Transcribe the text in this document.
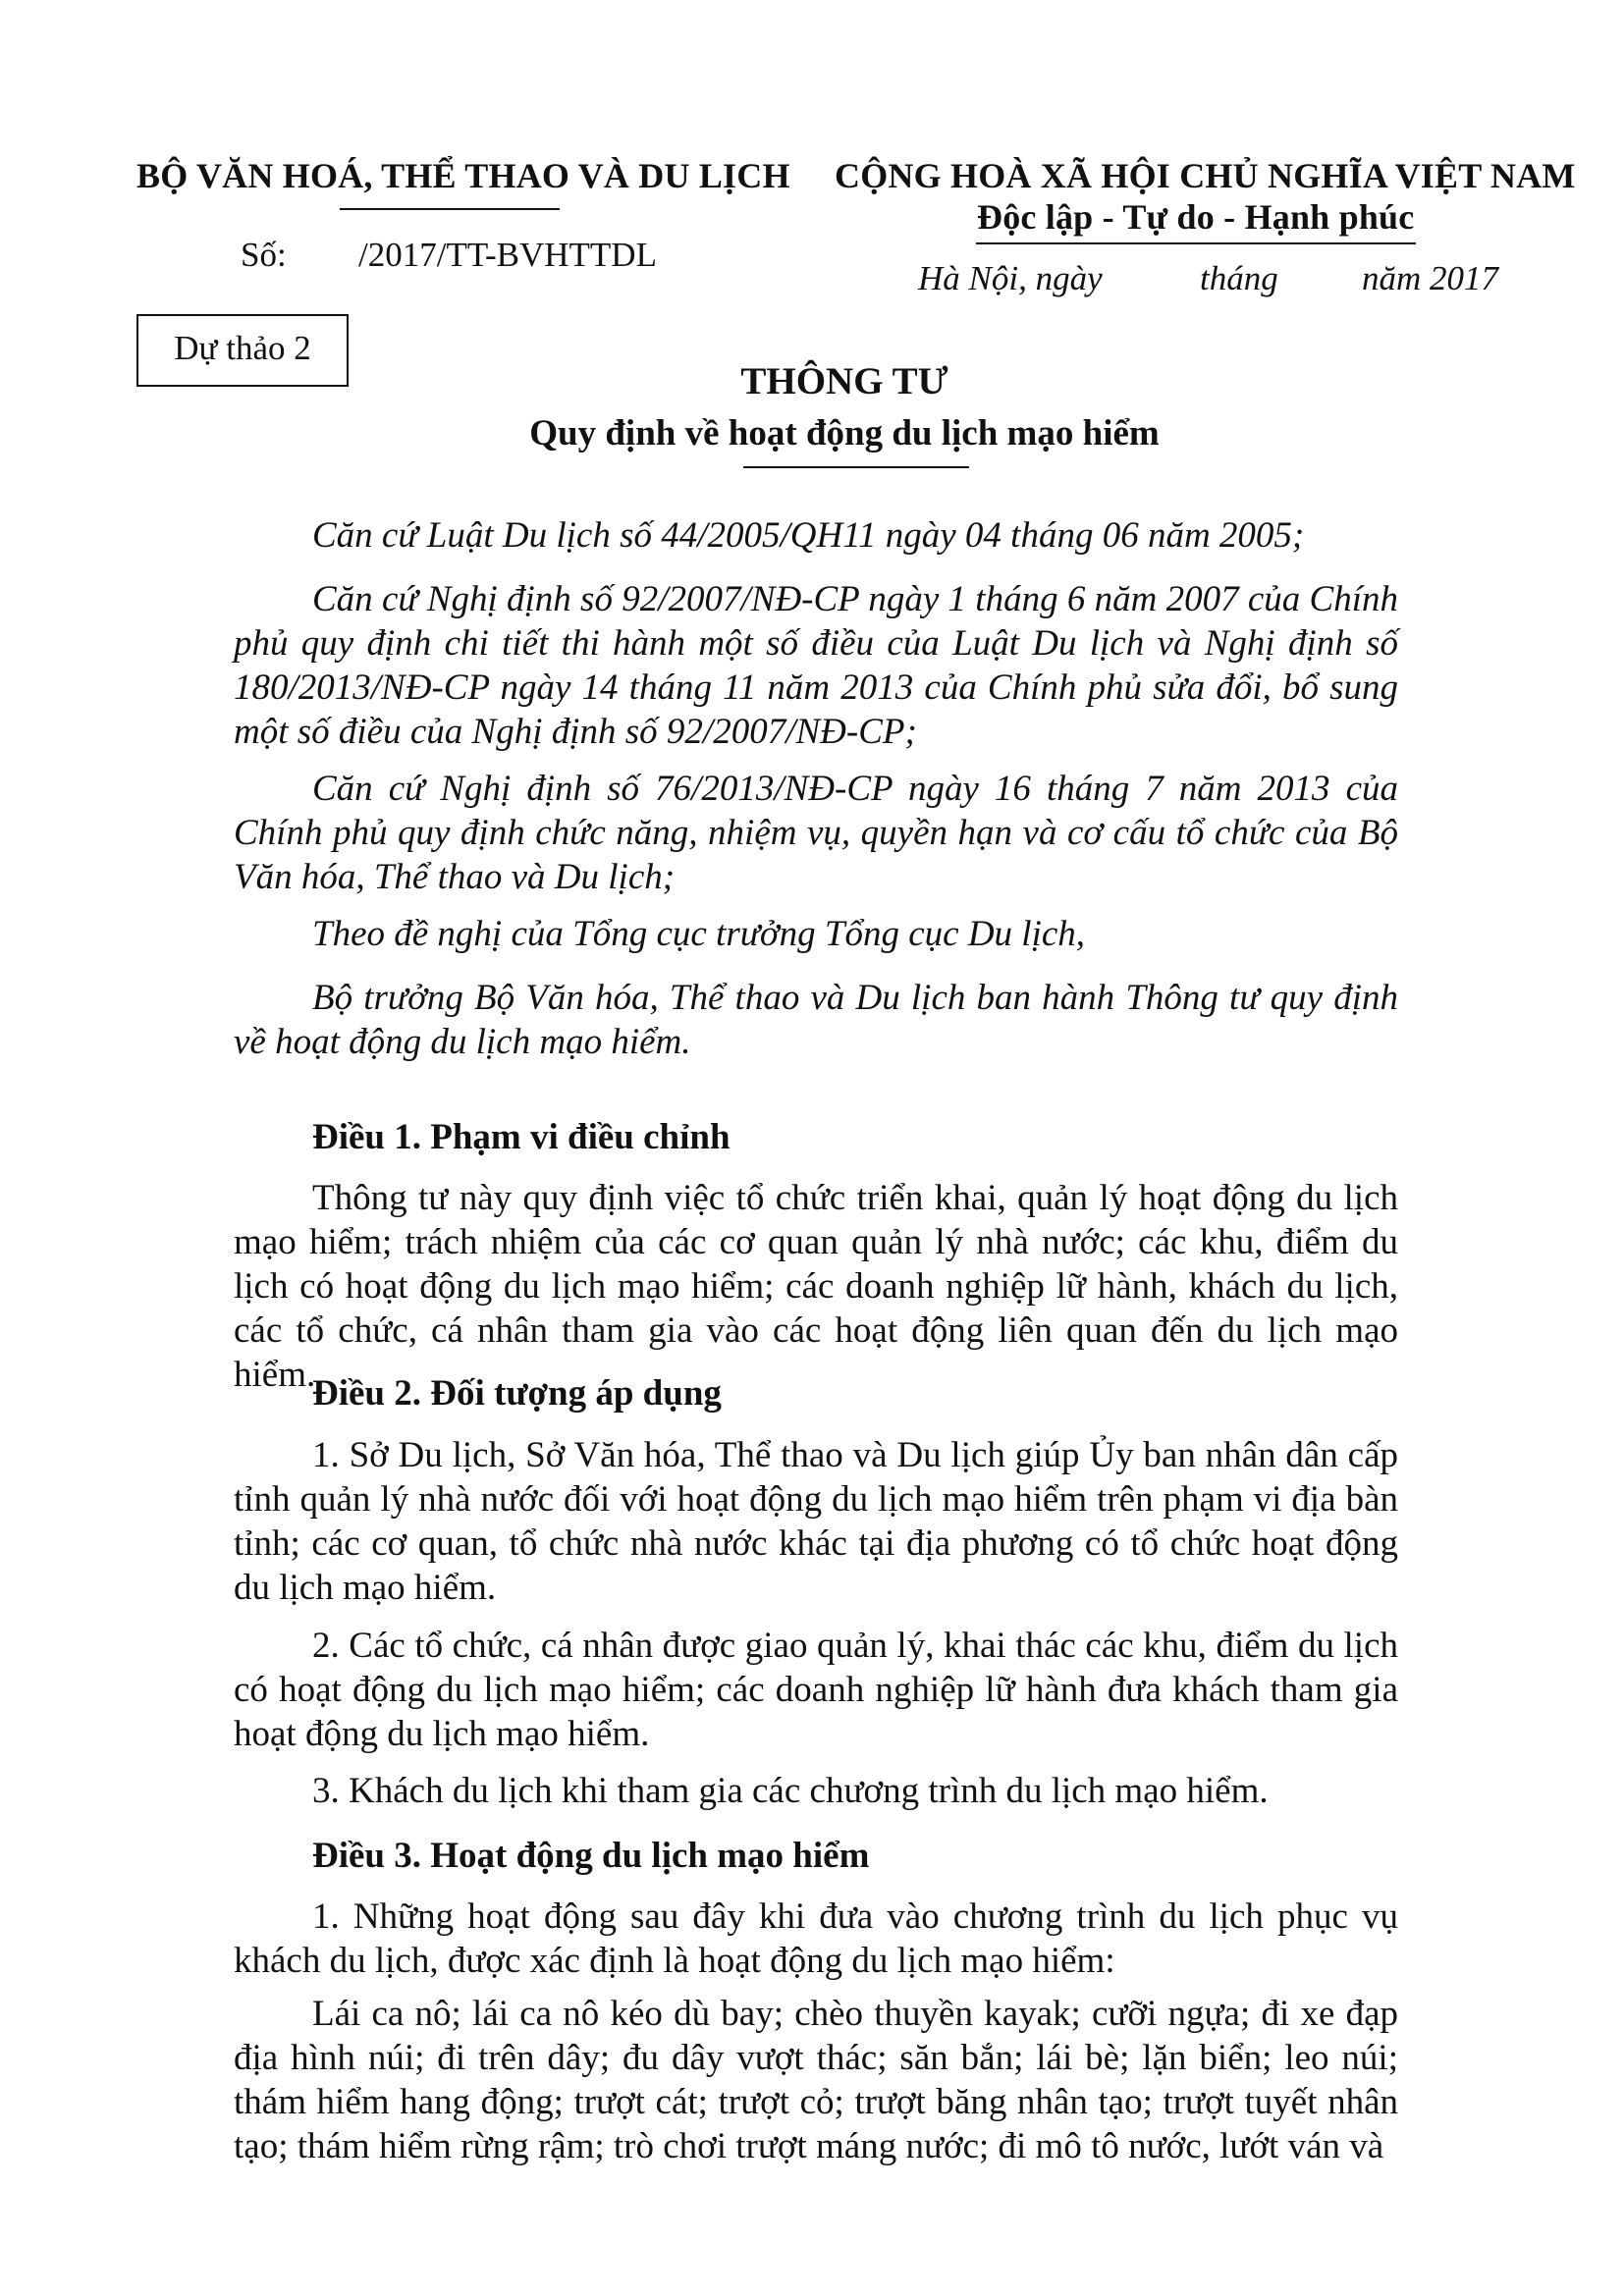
BỘ VĂN HOÁ, THỂ THAO VÀ DU LỊCH
Số: /2017/TT-BVHTTDL
CỘNG HOÀ XÃ HỘI CHỦ NGHĨA VIỆT NAM
Độc lập - Tự do - Hạnh phúc
Hà Nội, ngày	tháng năm 2017
Dự thảo 2
THÔNG TƯ
Quy định về hoạt động du lịch mạo hiểm
Căn cứ Luật Du lịch số 44/2005/QH11 ngày 04 tháng 06 năm 2005;
Căn cứ Nghị định số 92/2007/NĐ-CP ngày 1 tháng 6 năm 2007 của Chính phủ quy định chi tiết thi hành một số điều của Luật Du lịch và Nghị định số 180/2013/NĐ-CP ngày 14 tháng 11 năm 2013 của Chính phủ sửa đổi, bổ sung một số điều của Nghị định số 92/2007/NĐ-CP;
Căn cứ Nghị định số 76/2013/NĐ-CP ngày 16 tháng 7 năm 2013 của Chính phủ quy định chức năng, nhiệm vụ, quyền hạn và cơ cấu tổ chức của Bộ Văn hóa, Thể thao và Du lịch;
Theo đề nghị của Tổng cục trưởng Tổng cục Du lịch,
Bộ trưởng Bộ Văn hóa, Thể thao và Du lịch ban hành Thông tư quy định về hoạt động du lịch mạo hiểm.
Điều 1. Phạm vi điều chỉnh
Thông tư này quy định việc tổ chức triển khai, quản lý hoạt động du lịch mạo hiểm; trách nhiệm của các cơ quan quản lý nhà nước; các khu, điểm du lịch có hoạt động du lịch mạo hiểm; các doanh nghiệp lữ hành, khách du lịch, các tổ chức, cá nhân tham gia vào các hoạt động liên quan đến du lịch mạo hiểm.
Điều 2. Đối tượng áp dụng
1. Sở Du lịch, Sở Văn hóa, Thể thao và Du lịch giúp Ủy ban nhân dân cấp tỉnh quản lý nhà nước đối với hoạt động du lịch mạo hiểm trên phạm vi địa bàn tỉnh; các cơ quan, tổ chức nhà nước khác tại địa phương có tổ chức hoạt động du lịch mạo hiểm.
2. Các tổ chức, cá nhân được giao quản lý, khai thác các khu, điểm du lịch có hoạt động du lịch mạo hiểm; các doanh nghiệp lữ hành đưa khách tham gia hoạt động du lịch mạo hiểm.
3. Khách du lịch khi tham gia các chương trình du lịch mạo hiểm.
Điều 3. Hoạt động du lịch mạo hiểm
1. Những hoạt động sau đây khi đưa vào chương trình du lịch phục vụ khách du lịch, được xác định là hoạt động du lịch mạo hiểm:
Lái ca nô; lái ca nô kéo dù bay; chèo thuyền kayak; cưỡi ngựa; đi xe đạp địa hình núi; đi trên dây; đu dây vượt thác; săn bắn; lái bè; lặn biển; leo núi; thám hiểm hang động; trượt cát; trượt cỏ; trượt băng nhân tạo; trượt tuyết nhân tạo; thám hiểm rừng rậm; trò chơi trượt máng nước; đi mô tô nước, lướt ván và
